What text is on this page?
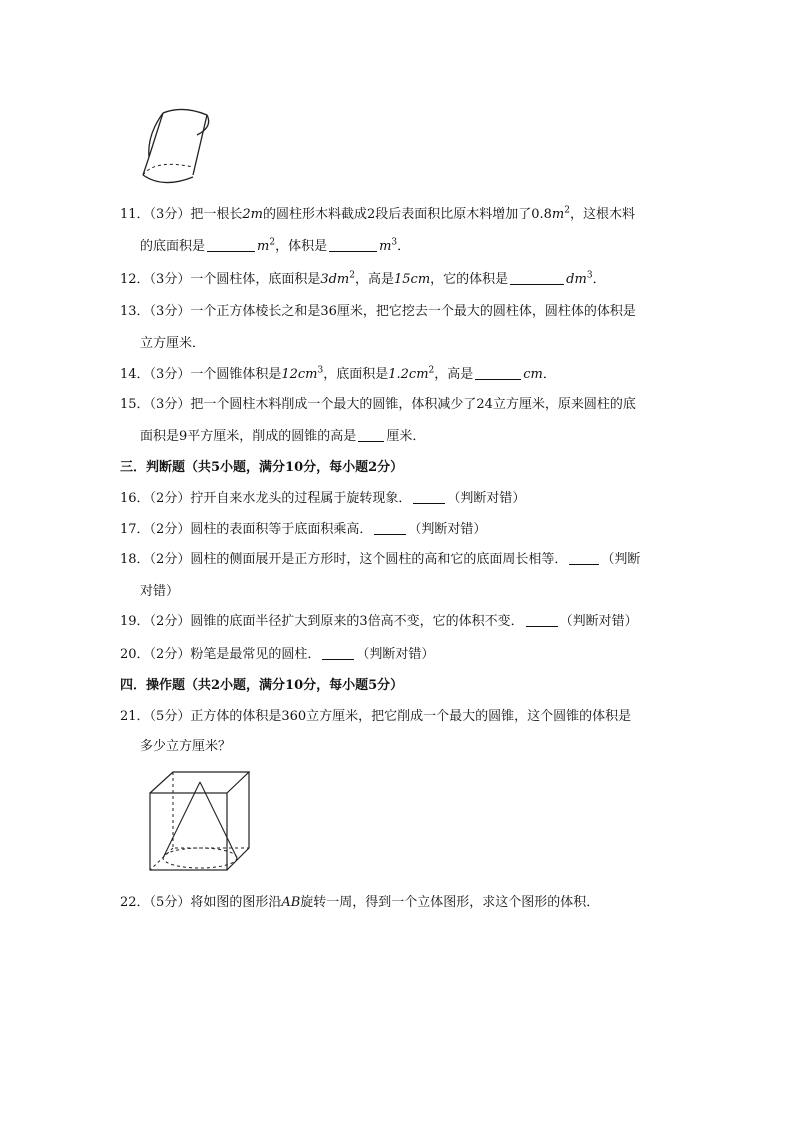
11．（3分）把一根长2m的圆柱形木料截成2段后表面积比原木料增加了$0.8m^2$，这根木料
的底面积是	$m^2$，体积是	$m^3$．
12．（3分）一个圆柱体，底面积是$3dm^2$，高是15cm，它的体积是	$dm^3$．
13．（3分）一个正方体棱长之和是36厘米，把它挖去一个最大的圆柱体，圆柱体的体积是
立方厘米．
14．（3分）一个圆锥体积是$12cm^3$，底面积是$1.2cm^2$，高是	cm．
15．（3分）把一个圆柱木料削成一个最大的圆锥，体积减少了24立方厘米，原来圆柱的底
面积是9平方厘米，削成的圆锥的高是 厘米．
三．判断题（共5小题，满分10分，每小题2分）
16．（2分）拧开自来水龙头的过程属于旋转现象．	（判断对错）
17．（2分）圆柱的表面积等于底面积乘高．	（判断对错）
18．（2分）圆柱的侧面展开是正方形时，这个圆柱的高和它的底面周长相等．	（判断
对错）
19．（2分）圆锥的底面半径扩大到原来的3倍高不变，它的体积不变．	（判断对错）
20．（2分）粉笔是最常见的圆柱．	（判断对错）
四．操作题（共2小题，满分10分，每小题5分）
21．（5分）正方体的体积是360立方厘米，把它削成一个最大的圆锥，这个圆锥的体积是
多少立方厘米？
22．（5分）将如图的图形沿AB旋转一周，得到一个立体图形，求这个图形的体积．
